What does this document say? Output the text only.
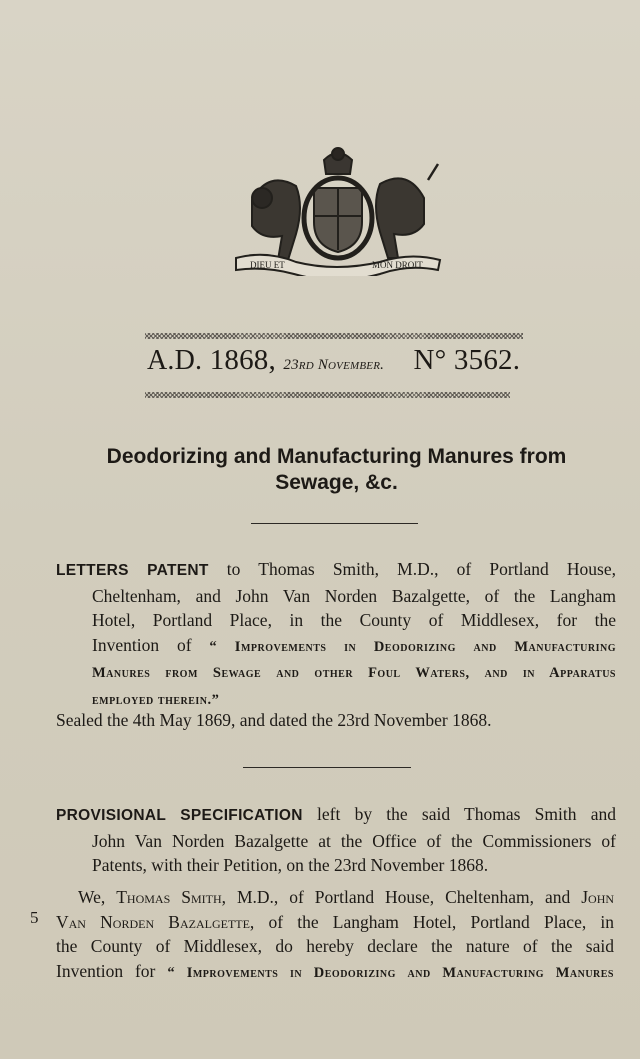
DIEU ET	MON DROIT
A.D. 1868, 23rd November. N° 3562.
Deodorizing and Manufacturing Manures from
Sewage, &c.
LETTERS PATENT to Thomas Smith, M.D., of Portland House,
Cheltenham, and John Van Norden Bazalgette, of the Langham
Hotel, Portland Place, in the County of Middlesex, for the
Invention of “ Improvements in Deodorizing and Manufacturing
Manures from Sewage and other Foul Waters, and in Apparatus
employed therein.”
Sealed the 4th May 1869, and dated the 23rd November 1868.
PROVISIONAL SPECIFICATION left by the said Thomas Smith and
John Van Norden Bazalgette at the Office of the Commissioners of
Patents, with their Petition, on the 23rd November 1868.
5
We, Thomas Smith, M.D., of Portland House, Cheltenham, and John
Van Norden Bazalgette, of the Langham Hotel, Portland Place, in
the County of Middlesex, do hereby declare the nature of the said
Invention for “ Improvements in Deodorizing and Manufacturing Manures
